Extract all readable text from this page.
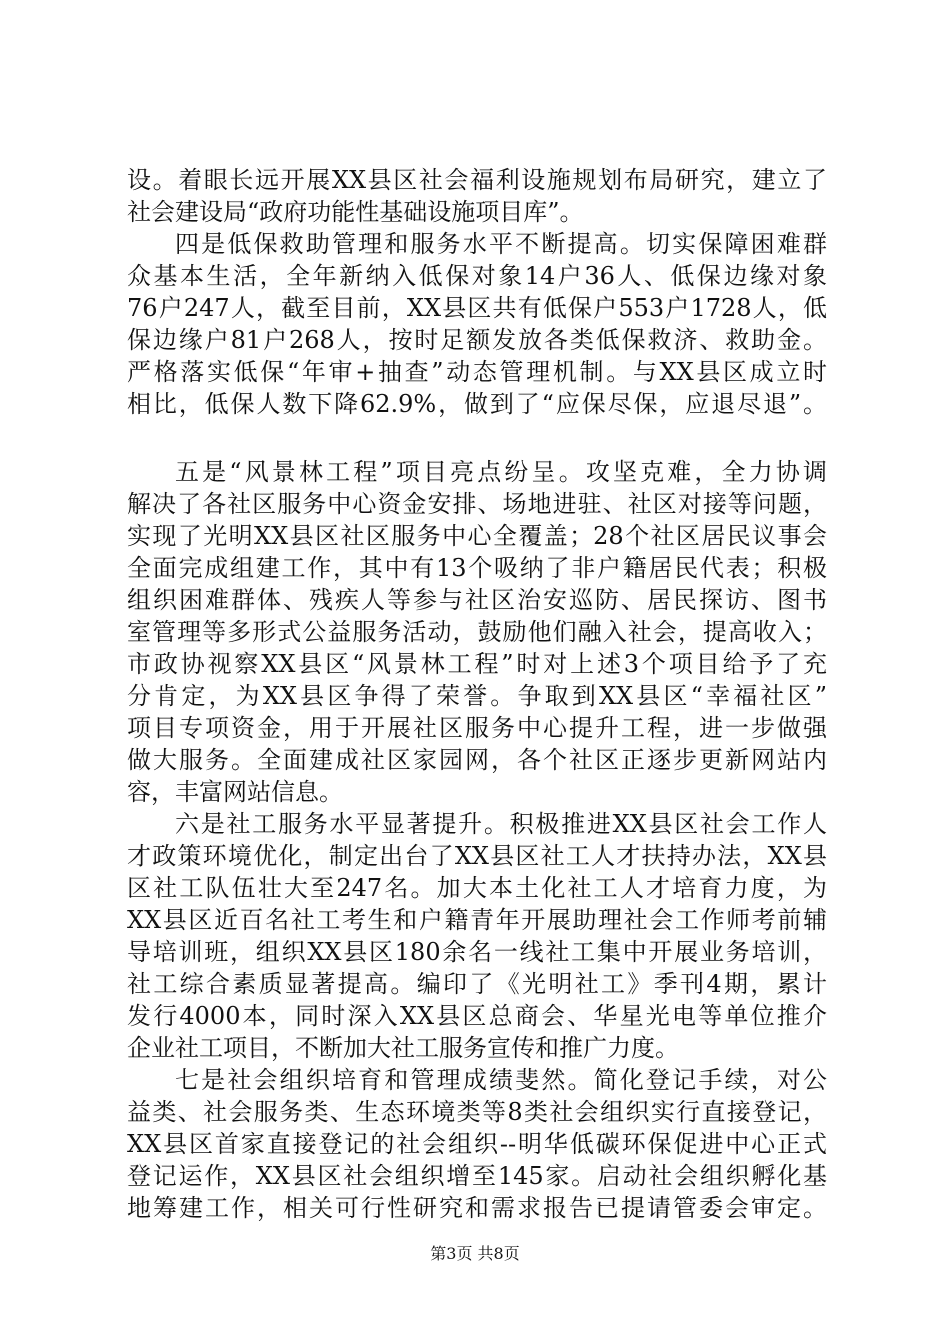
设。着眼长远开展XX县区社会福利设施规划布局研究，建立了
社会建设局“政府功能性基础设施项目库”。
四是低保救助管理和服务水平不断提高。切实保障困难群
众基本生活，全年新纳入低保对象14户36人、低保边缘对象
76户247人，截至目前，XX县区共有低保户553户1728人，低
保边缘户81户268人，按时足额发放各类低保救济、救助金。
严格落实低保“年审+抽查”动态管理机制。与XX县区成立时
相比，低保人数下降62.9%，做到了“应保尽保，应退尽退”。
五是“风景林工程”项目亮点纷呈。攻坚克难，全力协调
解决了各社区服务中心资金安排、场地进驻、社区对接等问题，
实现了光明XX县区社区服务中心全覆盖；28个社区居民议事会
全面完成组建工作，其中有13个吸纳了非户籍居民代表；积极
组织困难群体、残疾人等参与社区治安巡防、居民探访、图书
室管理等多形式公益服务活动，鼓励他们融入社会，提高收入；
市政协视察XX县区“风景林工程”时对上述3个项目给予了充
分肯定，为XX县区争得了荣誉。争取到XX县区“幸福社区”
项目专项资金，用于开展社区服务中心提升工程，进一步做强
做大服务。全面建成社区家园网，各个社区正逐步更新网站内
容，丰富网站信息。
六是社工服务水平显著提升。积极推进XX县区社会工作人
才政策环境优化，制定出台了XX县区社工人才扶持办法，XX县
区社工队伍壮大至247名。加大本土化社工人才培育力度，为
XX县区近百名社工考生和户籍青年开展助理社会工作师考前辅
导培训班，组织XX县区180余名一线社工集中开展业务培训，
社工综合素质显著提高。编印了《光明社工》季刊4期，累计
发行4000本，同时深入XX县区总商会、华星光电等单位推介
企业社工项目，不断加大社工服务宣传和推广力度。
七是社会组织培育和管理成绩斐然。简化登记手续，对公
益类、社会服务类、生态环境类等8类社会组织实行直接登记，
XX县区首家直接登记的社会组织--明华低碳环保促进中心正式
登记运作，XX县区社会组织增至145家。启动社会组织孵化基
地筹建工作，相关可行性研究和需求报告已提请管委会审定。
第3页 共8页
